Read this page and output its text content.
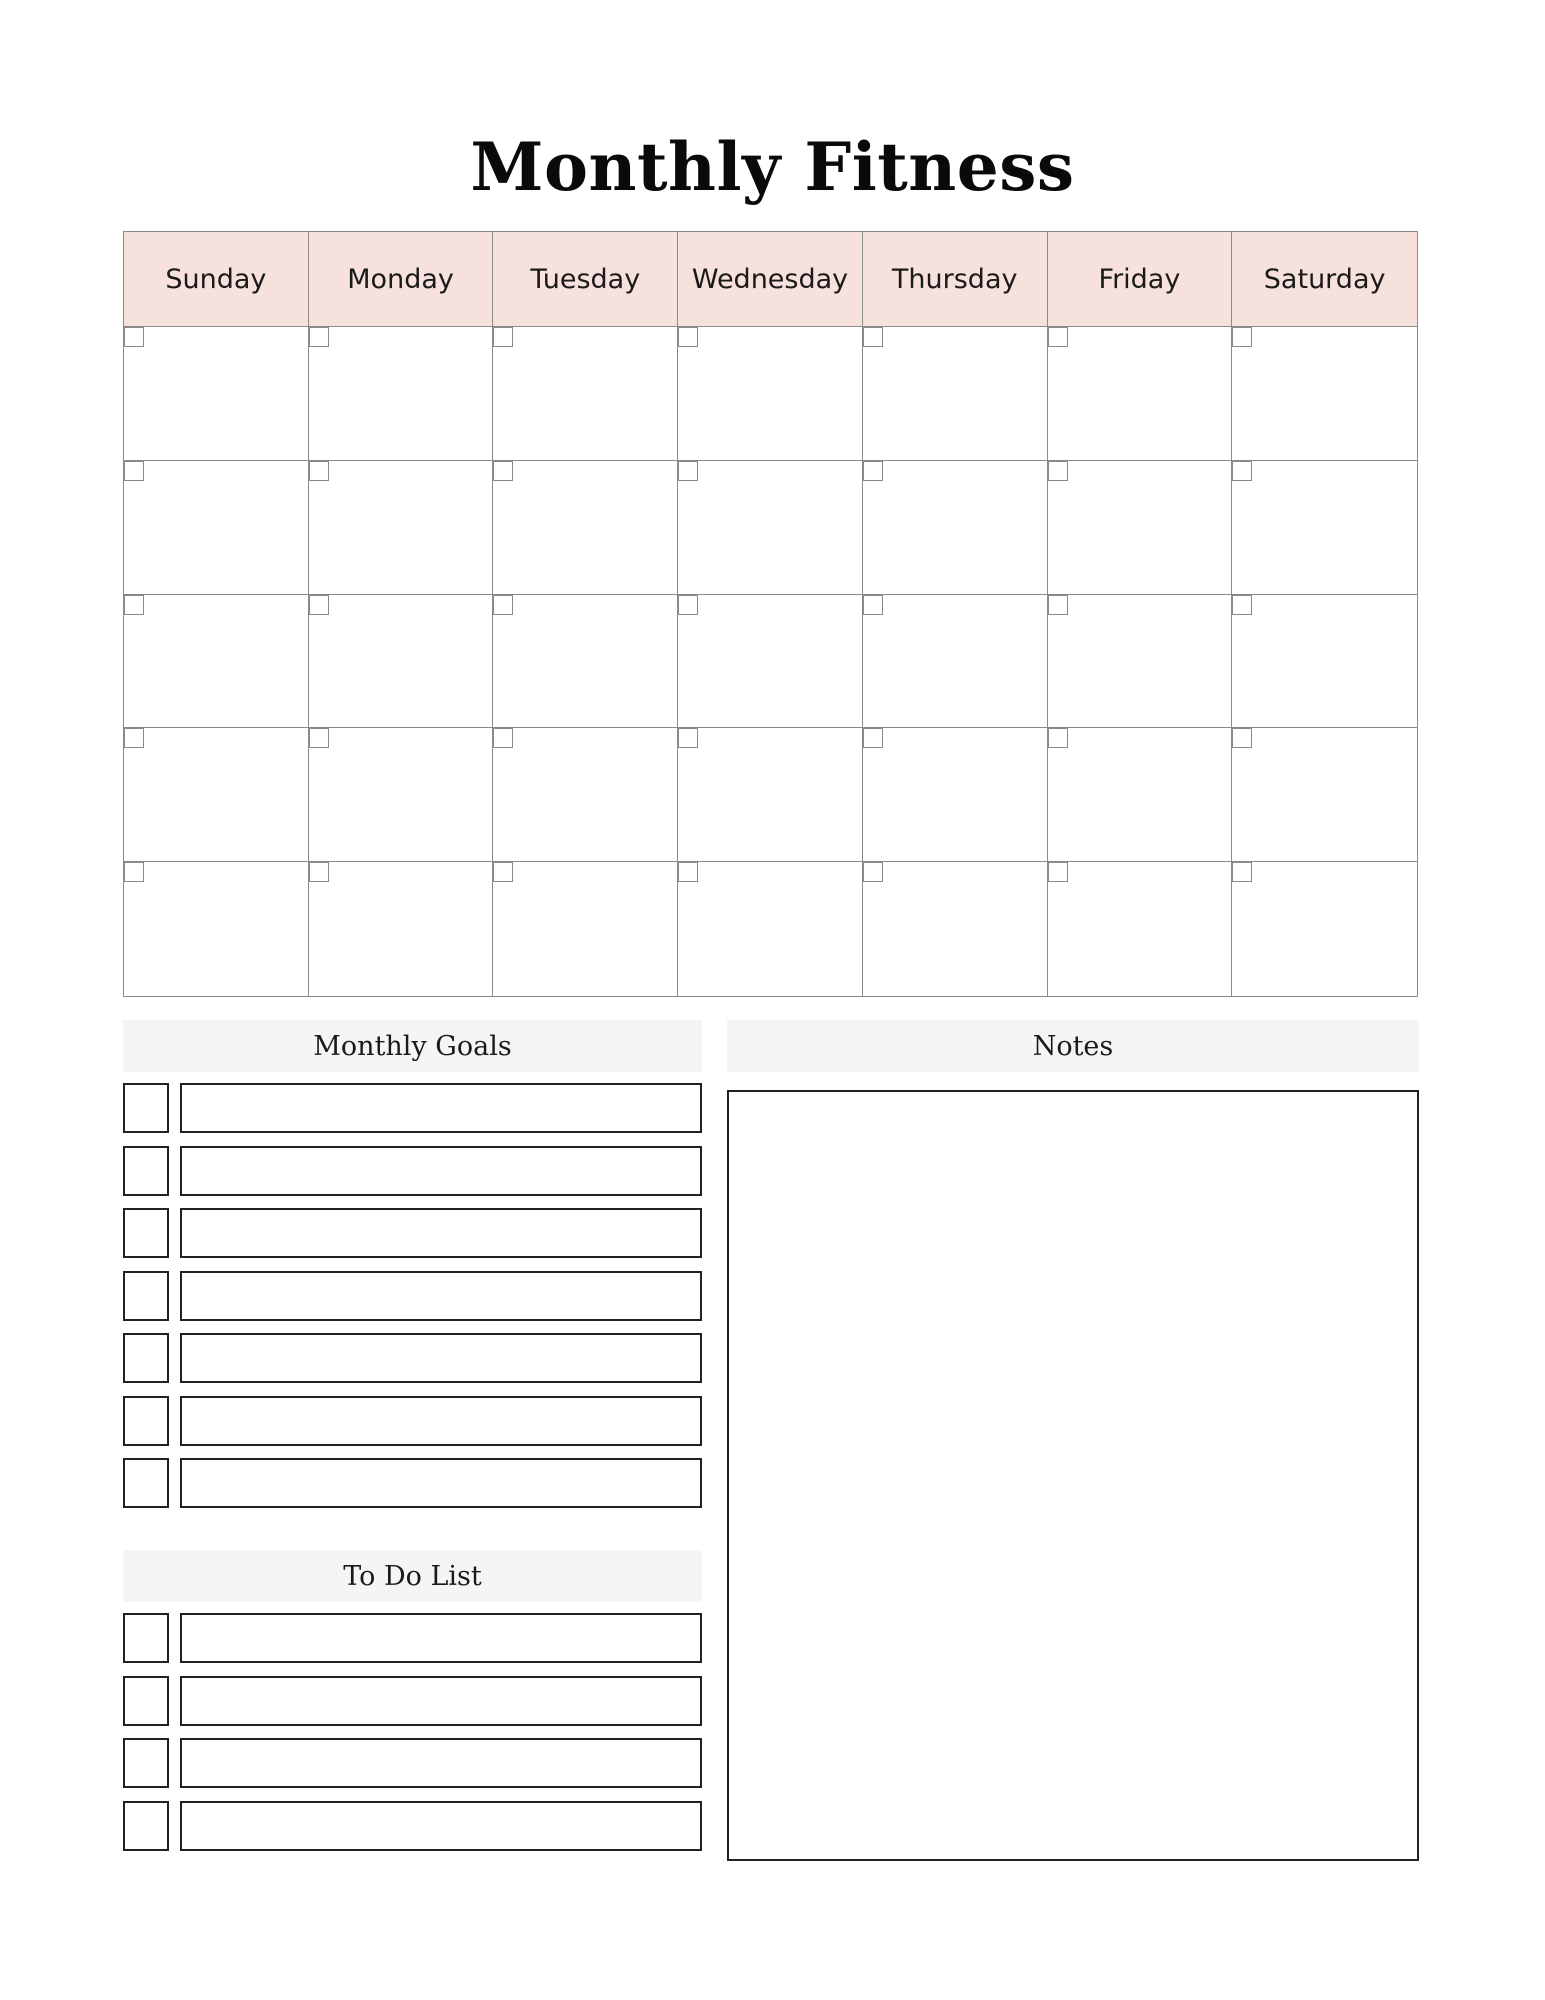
Monthly Fitness
Sunday	Monday	Tuesday	Wednesday	Thursday	Friday	Saturday
Monthly Goals
To Do List
Notes
